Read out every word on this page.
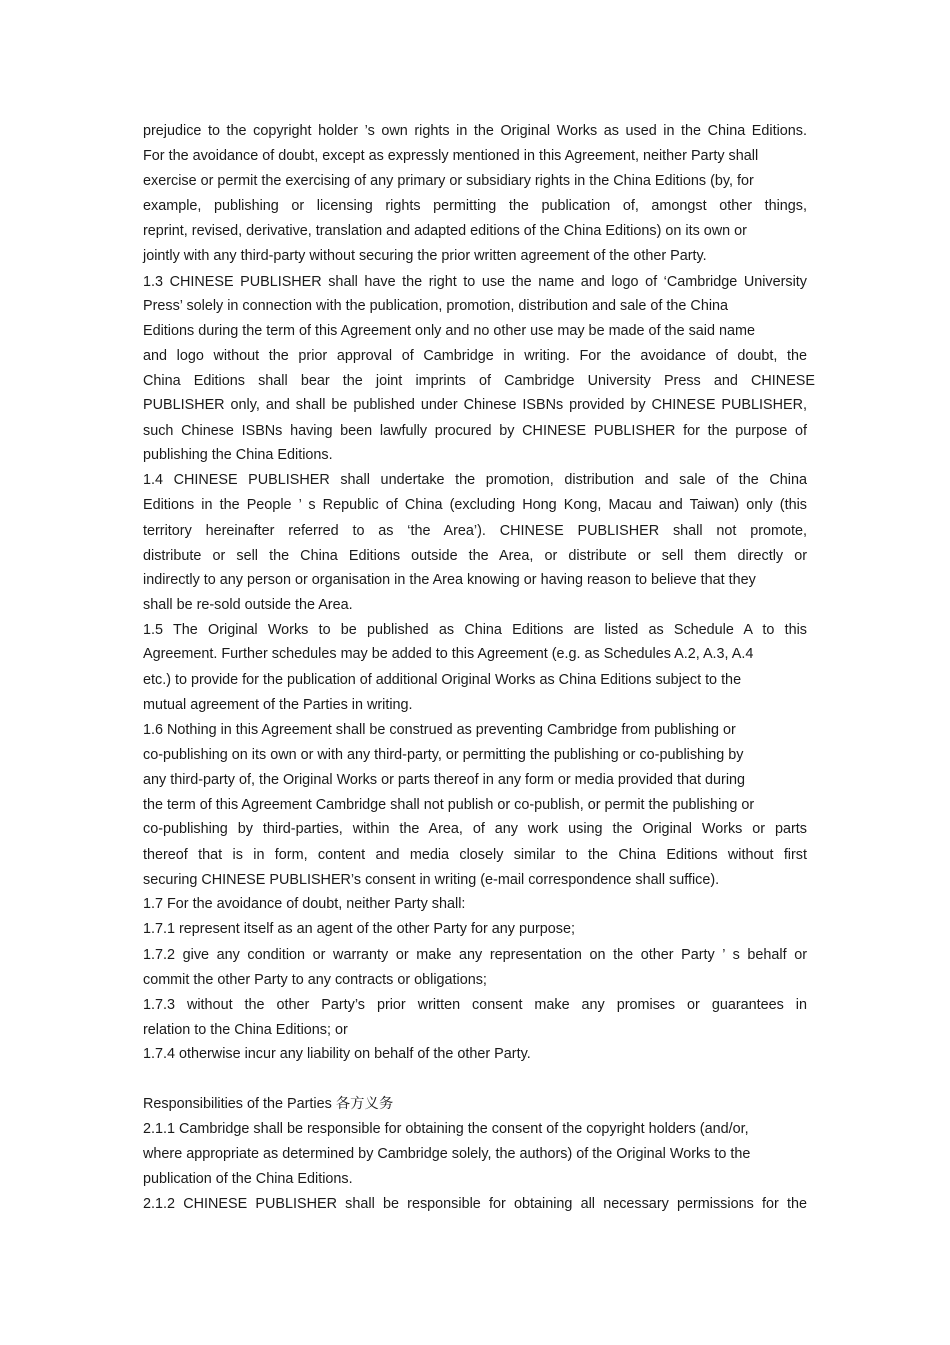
prejudice to the copyright holder ’s own rights in the Original Works as used in the China Editions.
For the avoidance of doubt, except as expressly mentioned in this Agreement, neither Party shall
exercise or permit the exercising of any primary or subsidiary rights in the China Editions (by, for
example, publishing or licensing rights permitting the publication of, amongst other things,
reprint, revised, derivative, translation and adapted editions of the China Editions) on its own or
jointly with any third-party without securing the prior written agreement of the other Party.
1.3 CHINESE PUBLISHER shall have the right to use the name and logo of ‘Cambridge University
Press’ solely in connection with the publication, promotion, distribution and sale of the China
Editions during the term of this Agreement only and no other use may be made of the said name
and logo without the prior approval of Cambridge in writing. For the avoidance of doubt, the
China Editions shall bear the joint imprints of Cambridge University Press and CHINESE
PUBLISHER only, and shall be published under Chinese ISBNs provided by CHINESE PUBLISHER,
such Chinese ISBNs having been lawfully procured by CHINESE PUBLISHER for the purpose of
publishing the China Editions.
1.4 CHINESE PUBLISHER shall undertake the promotion, distribution and sale of the China
Editions in the People ’ s Republic of China (excluding Hong Kong, Macau and Taiwan) only (this
territory hereinafter referred to as ‘the Area’). CHINESE PUBLISHER shall not promote,
distribute or sell the China Editions outside the Area, or distribute or sell them directly or
indirectly to any person or organisation in the Area knowing or having reason to believe that they
shall be re-sold outside the Area.
1.5 The Original Works to be published as China Editions are listed as Schedule A to this
Agreement. Further schedules may be added to this Agreement (e.g. as Schedules A.2, A.3, A.4
etc.) to provide for the publication of additional Original Works as China Editions subject to the
mutual agreement of the Parties in writing.
1.6 Nothing in this Agreement shall be construed as preventing Cambridge from publishing or
co-publishing on its own or with any third-party, or permitting the publishing or co-publishing by
any third-party of, the Original Works or parts thereof in any form or media provided that during
the term of this Agreement Cambridge shall not publish or co-publish, or permit the publishing or
co-publishing by third-parties, within the Area, of any work using the Original Works or parts
thereof that is in form, content and media closely similar to the China Editions without first
securing CHINESE PUBLISHER’s consent in writing (e-mail correspondence shall suffice).
1.7 For the avoidance of doubt, neither Party shall:
1.7.1 represent itself as an agent of the other Party for any purpose;
1.7.2 give any condition or warranty or make any representation on the other Party ’ s behalf or
commit the other Party to any contracts or obligations;
1.7.3 without the other Party’s prior written consent make any promises or guarantees in
relation to the China Editions; or
1.7.4 otherwise incur any liability on behalf of the other Party.
Responsibilities of the Parties 各方义务
2.1.1 Cambridge shall be responsible for obtaining the consent of the copyright holders (and/or,
where appropriate as determined by Cambridge solely, the authors) of the Original Works to the
publication of the China Editions.
2.1.2 CHINESE PUBLISHER shall be responsible for obtaining all necessary permissions for the
